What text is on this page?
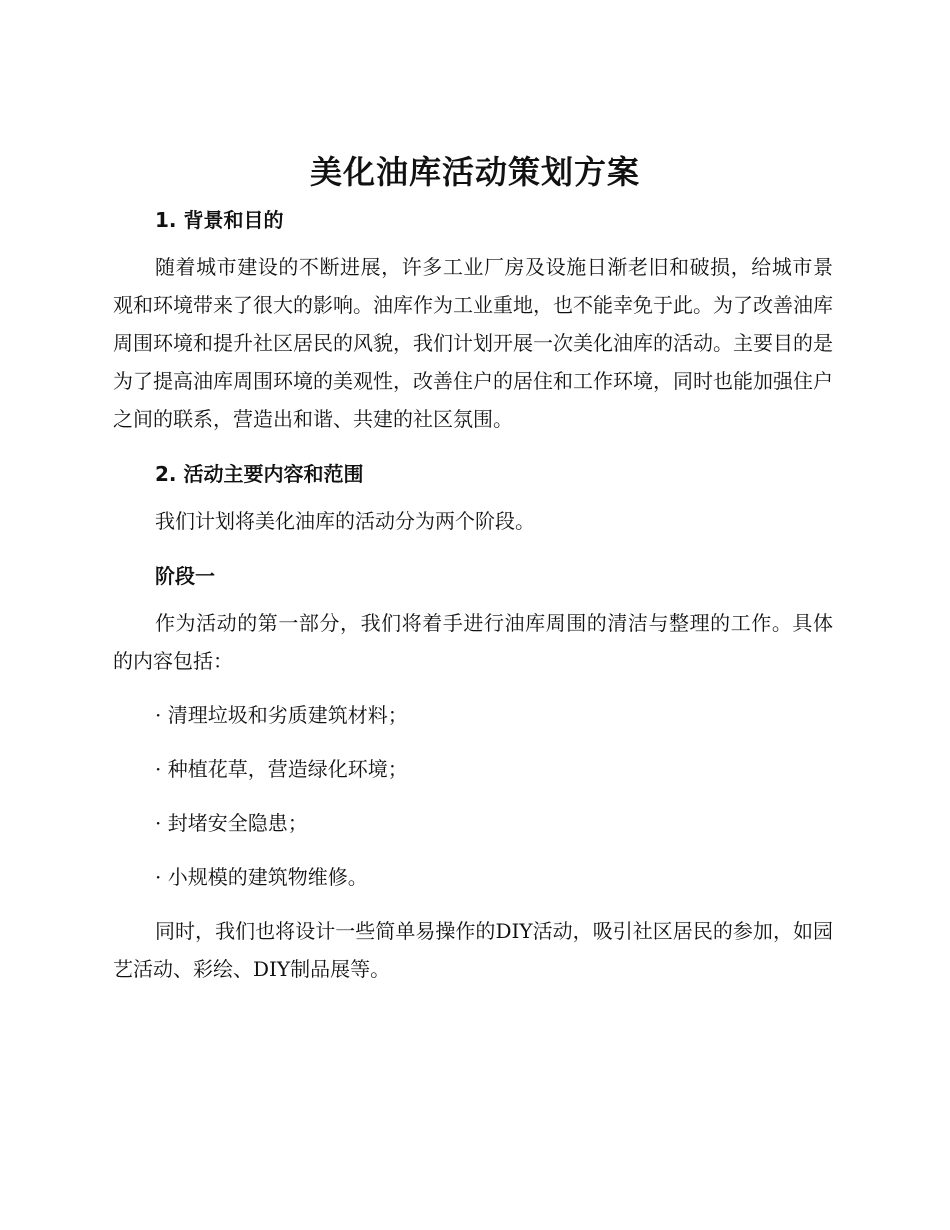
美化油库活动策划方案

1. 背景和目的

随着城市建设的不断进展，许多工业厂房及设施日渐老旧和破损，给城市景观和环境带来了很大的影响。油库作为工业重地，也不能幸免于此。为了改善油库周围环境和提升社区居民的风貌，我们计划开展一次美化油库的活动。主要目的是为了提高油库周围环境的美观性，改善住户的居住和工作环境，同时也能加强住户之间的联系，营造出和谐、共建的社区氛围。

2. 活动主要内容和范围

我们计划将美化油库的活动分为两个阶段。

阶段一

作为活动的第一部分，我们将着手进行油库周围的清洁与整理的工作。具体的内容包括：

· 清理垃圾和劣质建筑材料；

· 种植花草，营造绿化环境；

· 封堵安全隐患；

· 小规模的建筑物维修。

同时，我们也将设计一些简单易操作的DIY活动，吸引社区居民的参加，如园艺活动、彩绘、DIY制品展等。
